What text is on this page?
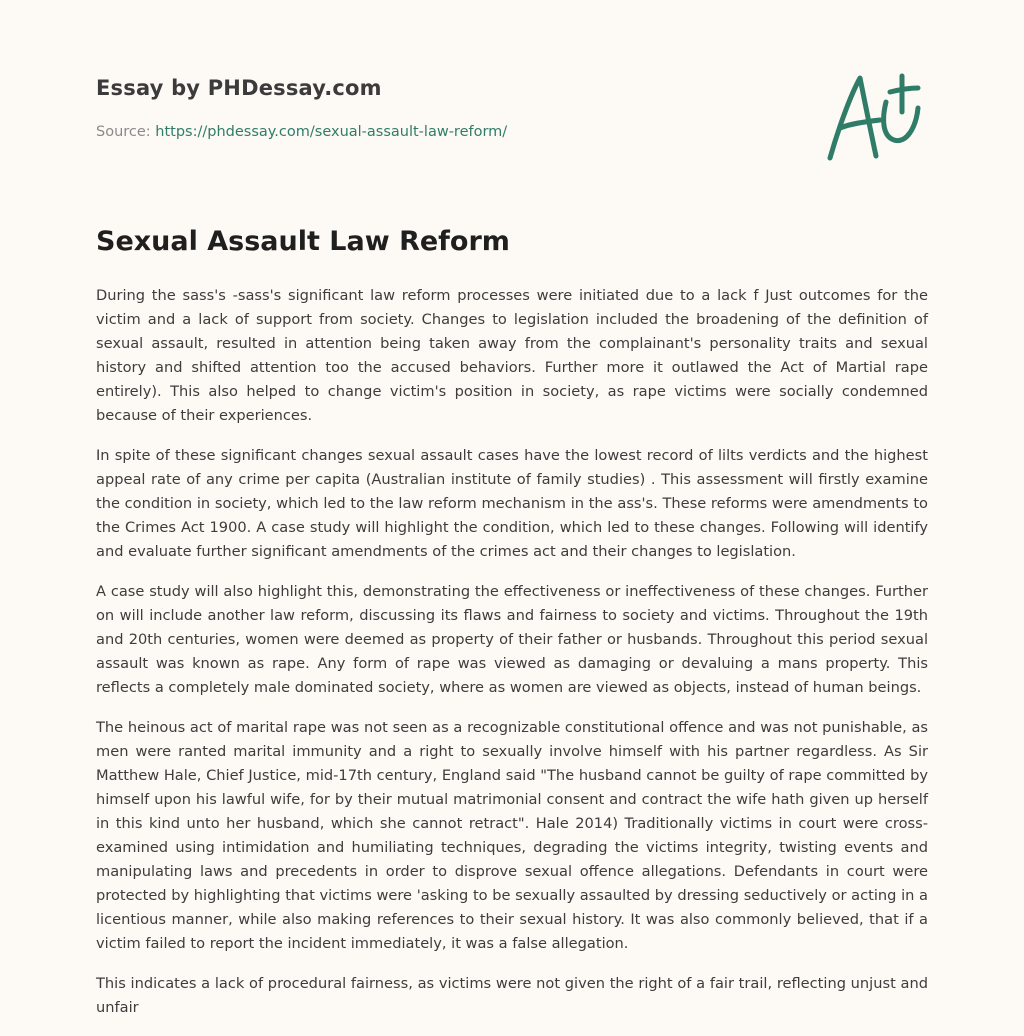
Essay by PHDessay.com
Source: https://phdessay.com/sexual-assault-law-reform/
Sexual Assault Law Reform

During the sass's -sass's significant law reform processes were initiated due to a lack f Just outcomes for the victim and a lack of support from society. Changes to legislation included the broadening of the definition of sexual assault, resulted in attention being taken away from the complainant's personality traits and sexual history and shifted attention too the accused behaviors. Further more it outlawed the Act of Martial rape entirely). This also helped to change victim's position in society, as rape victims were socially condemned because of their experiences.

In spite of these significant changes sexual assault cases have the lowest record of lilts verdicts and the highest appeal rate of any crime per capita (Australian institute of family studies) . This assessment will firstly examine the condition in society, which led to the law reform mechanism in the ass's. These reforms were amendments to the Crimes Act 1900. A case study will highlight the condition, which led to these changes. Following will identify and evaluate further significant amendments of the crimes act and their changes to legislation.

A case study will also highlight this, demonstrating the effectiveness or ineffectiveness of these changes. Further on will include another law reform, discussing its flaws and fairness to society and victims. Throughout the 19th and 20th centuries, women were deemed as property of their father or husbands. Throughout this period sexual assault was known as rape. Any form of rape was viewed as damaging or devaluing a mans property. This reflects a completely male dominated society, where as women are viewed as objects, instead of human beings.

The heinous act of marital rape was not seen as a recognizable constitutional offence and was not punishable, as men were ranted marital immunity and a right to sexually involve himself with his partner regardless. As Sir Matthew Hale, Chief Justice, mid-17th century, England said "The husband cannot be guilty of rape committed by himself upon his lawful wife, for by their mutual matrimonial consent and contract the wife hath given up herself in this kind unto her husband, which she cannot retract". Hale 2014) Traditionally victims in court were cross-examined using intimidation and humiliating techniques, degrading the victims integrity, twisting events and manipulating laws and precedents in order to disprove sexual offence allegations. Defendants in court were protected by highlighting that victims were 'asking to be sexually assaulted by dressing seductively or acting in a licentious manner, while also making references to their sexual history. It was also commonly believed, that if a victim failed to report the incident immediately, it was a false allegation.

This indicates a lack of procedural fairness, as victims were not given the right of a fair trail, reflecting unjust and unfair
